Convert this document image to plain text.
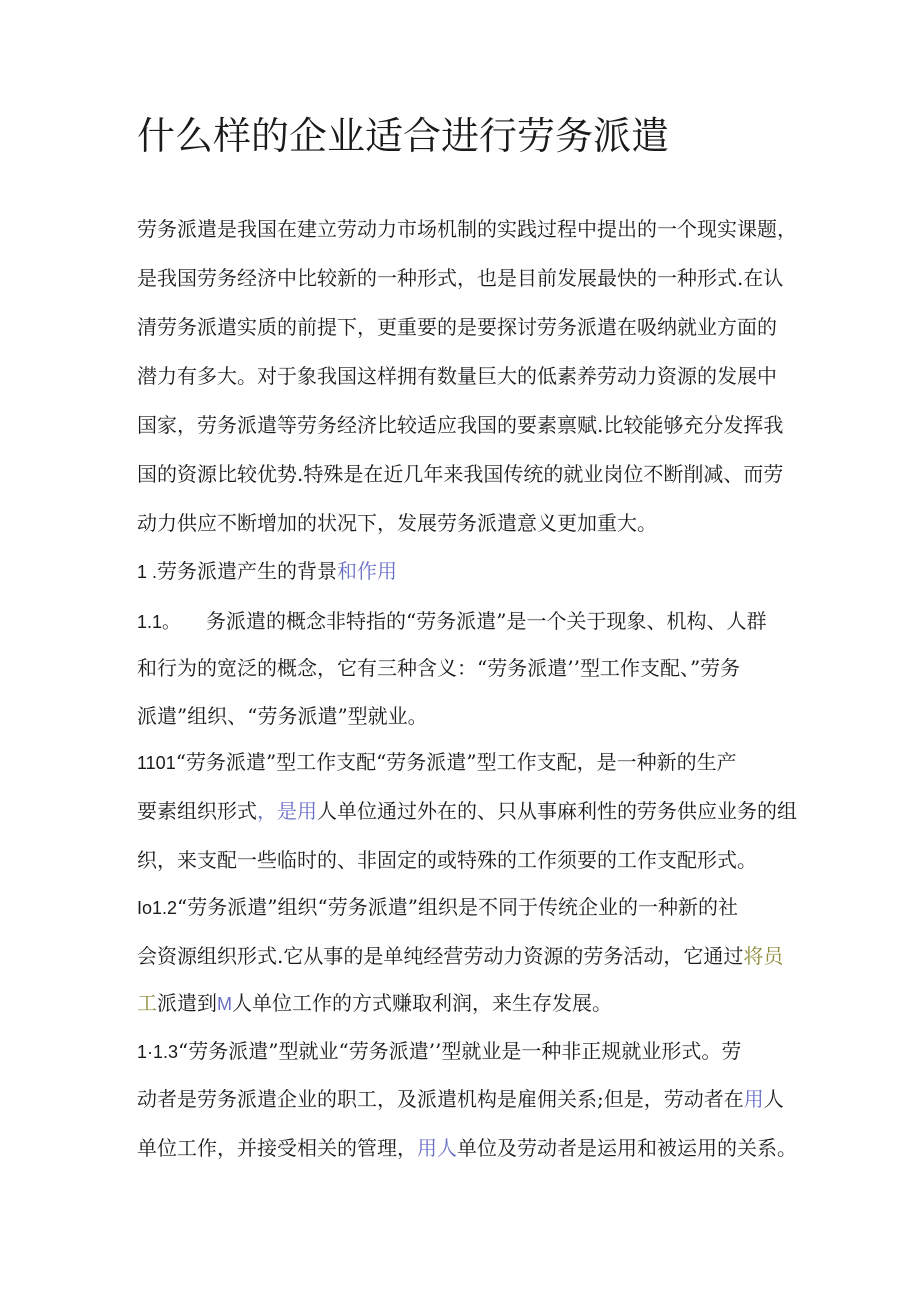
什么样的企业适合进行劳务派遣
劳务派遣是我国在建立劳动力市场机制的实践过程中提出的一个现实课题，
是我国劳务经济中比较新的一种形式，也是目前发展最快的一种形式.在认
清劳务派遣实质的前提下，更重要的是要探讨劳务派遣在吸纳就业方面的
潜力有多大。对于象我国这样拥有数量巨大的低素养劳动力资源的发展中
国家，劳务派遣等劳务经济比较适应我国的要素禀赋.比较能够充分发挥我
国的资源比较优势.特殊是在近几年来我国传统的就业岗位不断削减、而劳
动力供应不断增加的状况下，发展劳务派遣意义更加重大。
1 .劳务派遣产生的背景和作用
1.1。 务派遣的概念非特指的“劳务派遣”是一个关于现象、机构、人群
和行为的宽泛的概念，它有三种含义：“劳务派遣’’型工作支配、”劳务
派遣”组织、“劳务派遣”型就业。
1101“劳务派遣”型工作支配“劳务派遣”型工作支配，是一种新的生产
要素组织形式，是用人单位通过外在的、只从事麻利性的劳务供应业务的组
织，来支配一些临时的、非固定的或特殊的工作须要的工作支配形式。
Io1.2“劳务派遣”组织“劳务派遣”组织是不同于传统企业的一种新的社
会资源组织形式.它从事的是单纯经营劳动力资源的劳务活动，它通过将员
工派遣到M人单位工作的方式赚取利润，来生存发展。
1·1.3“劳务派遣”型就业“劳务派遣’’型就业是一种非正规就业形式。劳
动者是劳务派遣企业的职工，及派遣机构是雇佣关系;但是，劳动者在用人
单位工作，并接受相关的管理，用人单位及劳动者是运用和被运用的关系。
